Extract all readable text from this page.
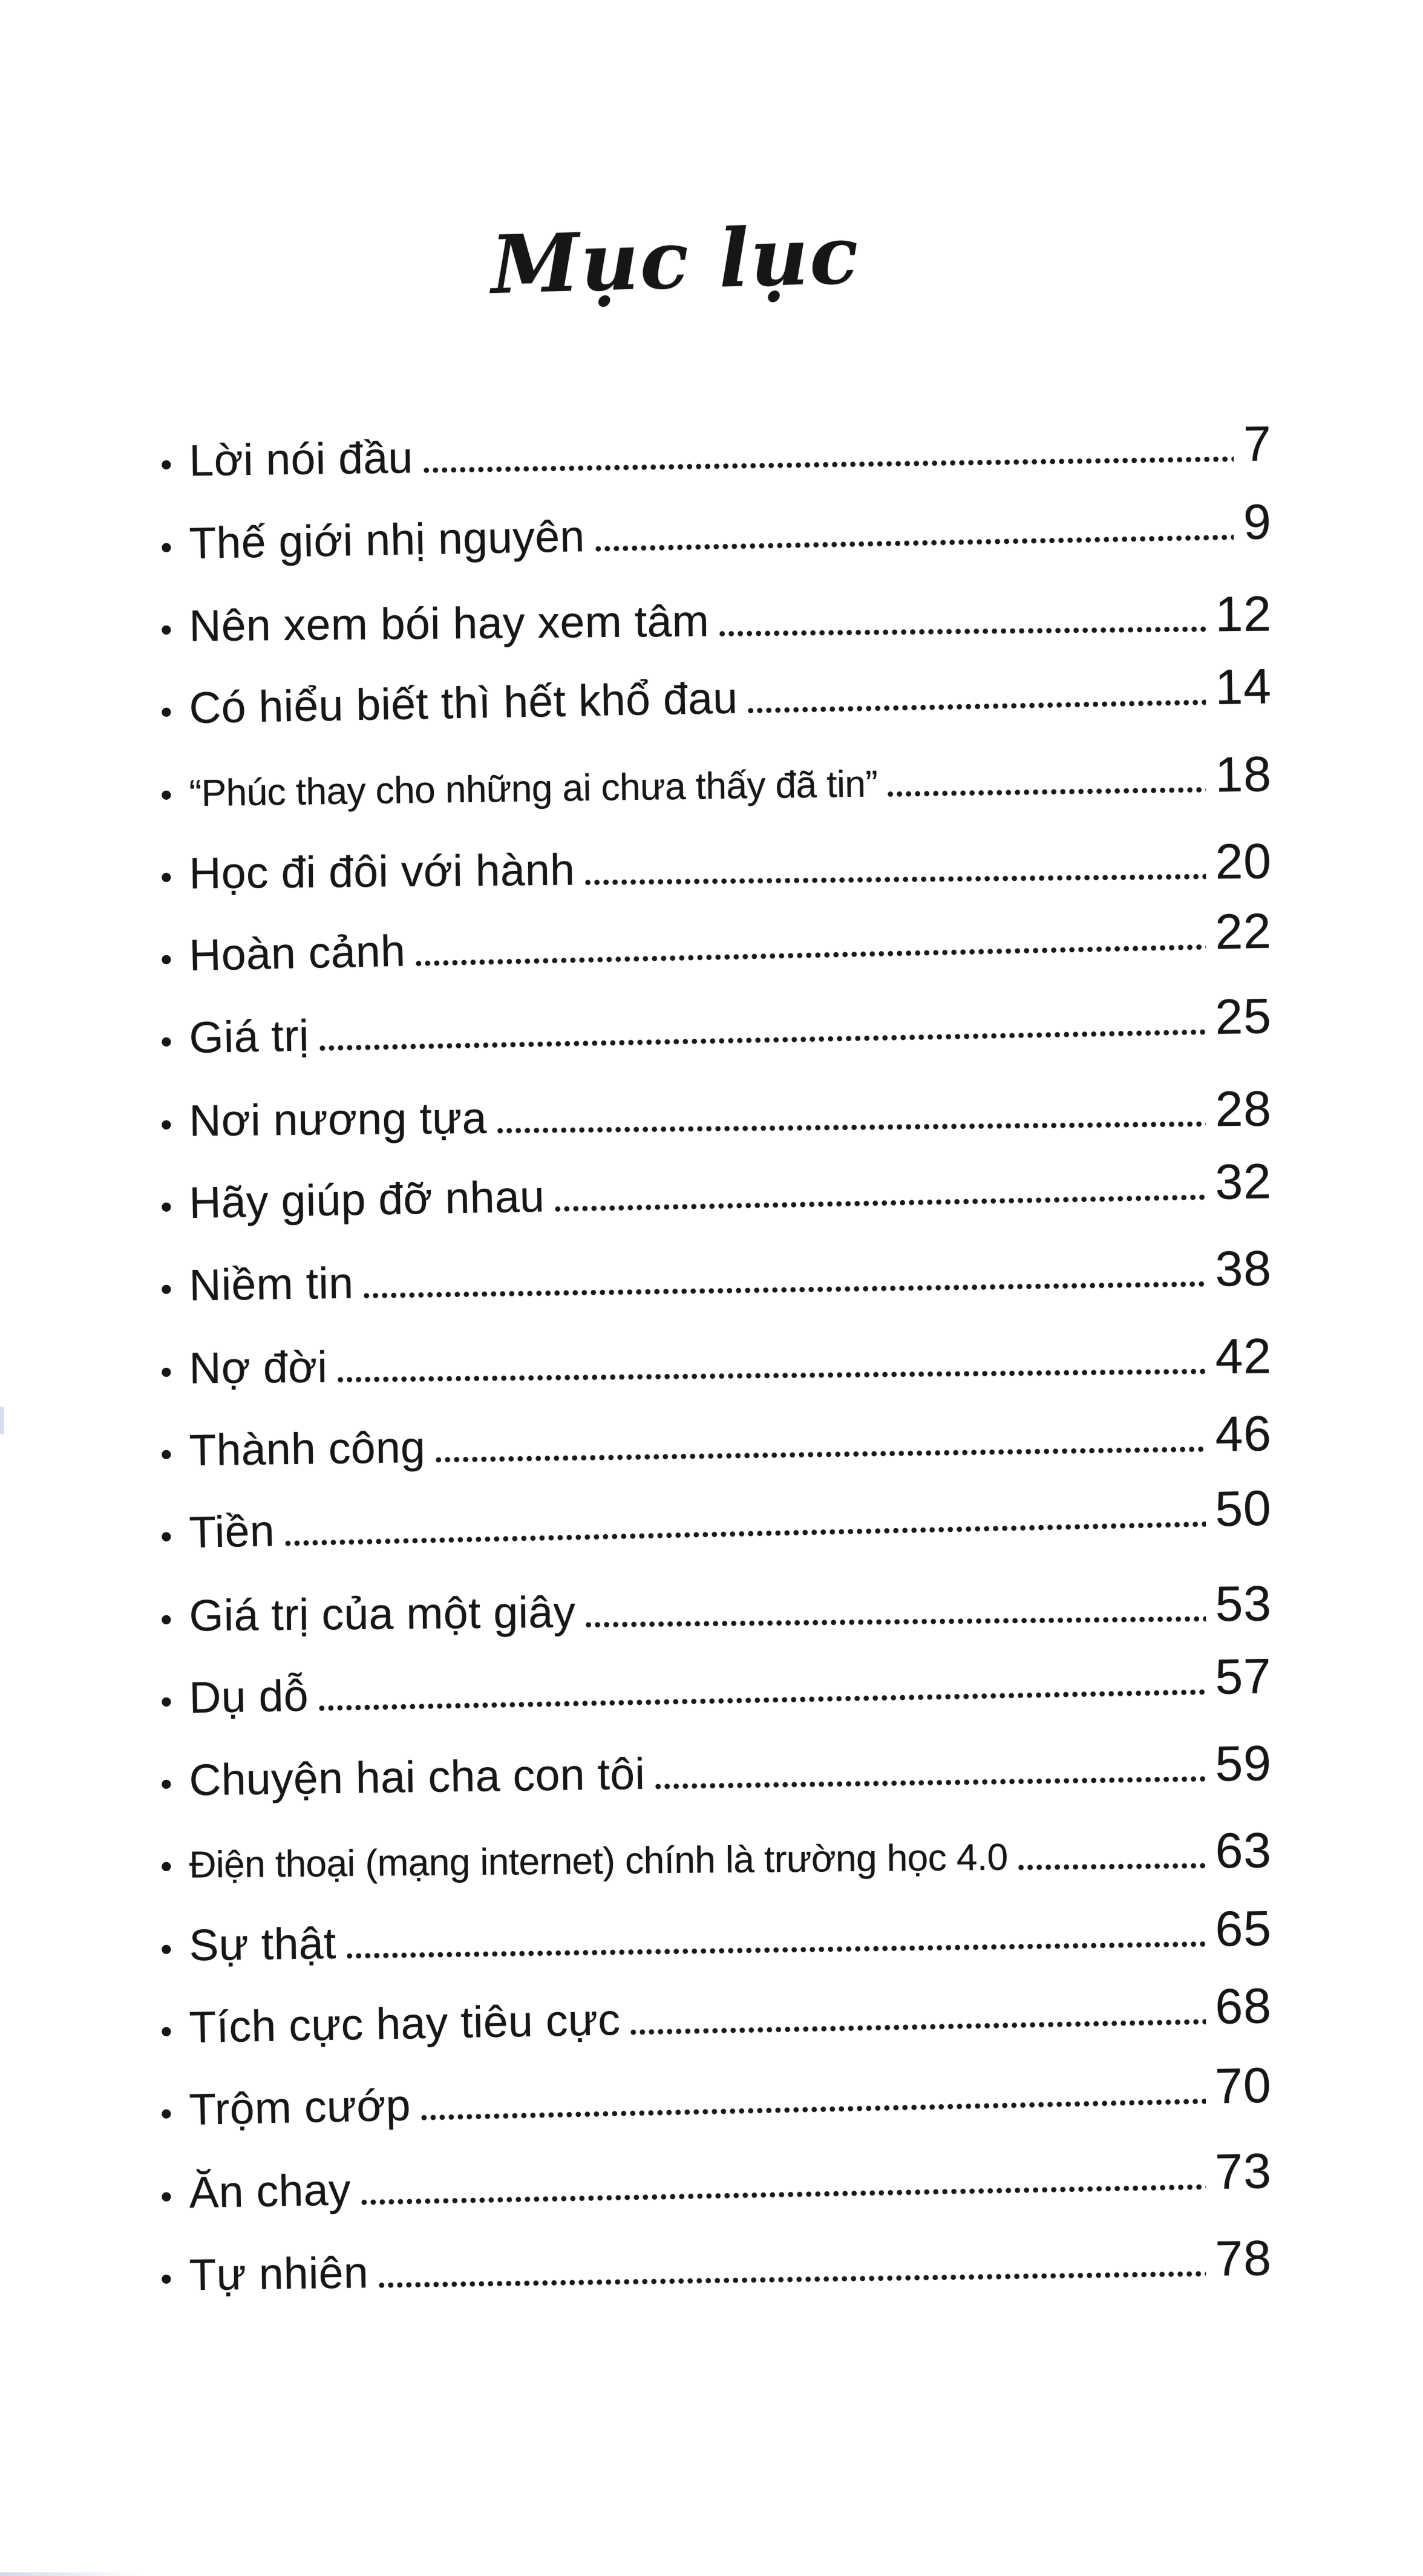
Mục lục
• Lời nói đầu	7
• Thế giới nhị nguyên	9
• Nên xem bói hay xem tâm	12
• Có hiểu biết thì hết khổ đau	14
• “Phúc thay cho những ai chưa thấy đã tin”	18
• Học đi đôi với hành	20
• Hoàn cảnh	22
• Giá trị	25
• Nơi nương tựa	28
• Hãy giúp đỡ nhau	32
• Niềm tin	38
• Nợ đời	42
• Thành công	46
• Tiền	50
• Giá trị của một giây	53
• Dụ dỗ	57
• Chuyện hai cha con tôi	59
• Điện thoại (mạng internet) chính là trường học 4.0	63
• Sự thật	65
• Tích cực hay tiêu cực	68
• Trộm cướp	70
• Ăn chay	73
• Tự nhiên	78
